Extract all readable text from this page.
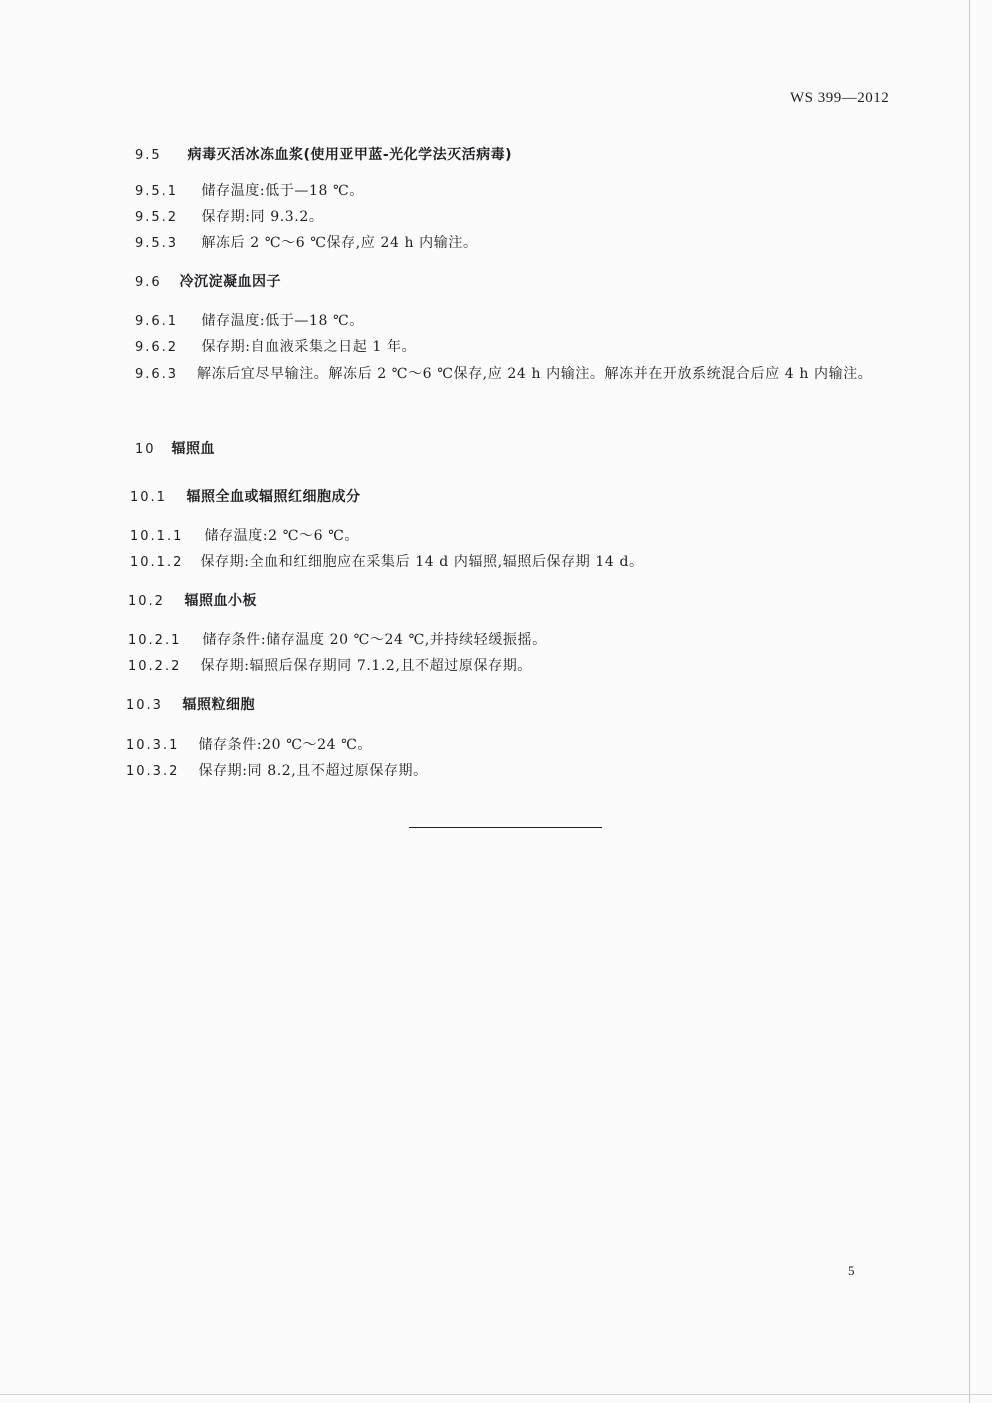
WS 399—2012
9.5 病毒灭活冰冻血浆(使用亚甲蓝-光化学法灭活病毒)
9.5.1 储存温度:低于—18 ℃。
9.5.2 保存期:同 9.3.2。
9.5.3 解冻后 2 ℃～6 ℃保存,应 24 h 内输注。
9.6 冷沉淀凝血因子
9.6.1 储存温度:低于—18 ℃。
9.6.2 保存期:自血液采集之日起 1 年。
9.6.3 解冻后宜尽早输注。解冻后 2 ℃～6 ℃保存,应 24 h 内输注。解冻并在开放系统混合后应 4 h 内输注。
10 辐照血
10.1 辐照全血或辐照红细胞成分
10.1.1 储存温度:2 ℃～6 ℃。
10.1.2 保存期:全血和红细胞应在采集后 14 d 内辐照,辐照后保存期 14 d。
10.2 辐照血小板
10.2.1 储存条件:储存温度 20 ℃～24 ℃,并持续轻缓振摇。
10.2.2 保存期:辐照后保存期同 7.1.2,且不超过原保存期。
10.3 辐照粒细胞
10.3.1 储存条件:20 ℃～24 ℃。
10.3.2 保存期:同 8.2,且不超过原保存期。
5
